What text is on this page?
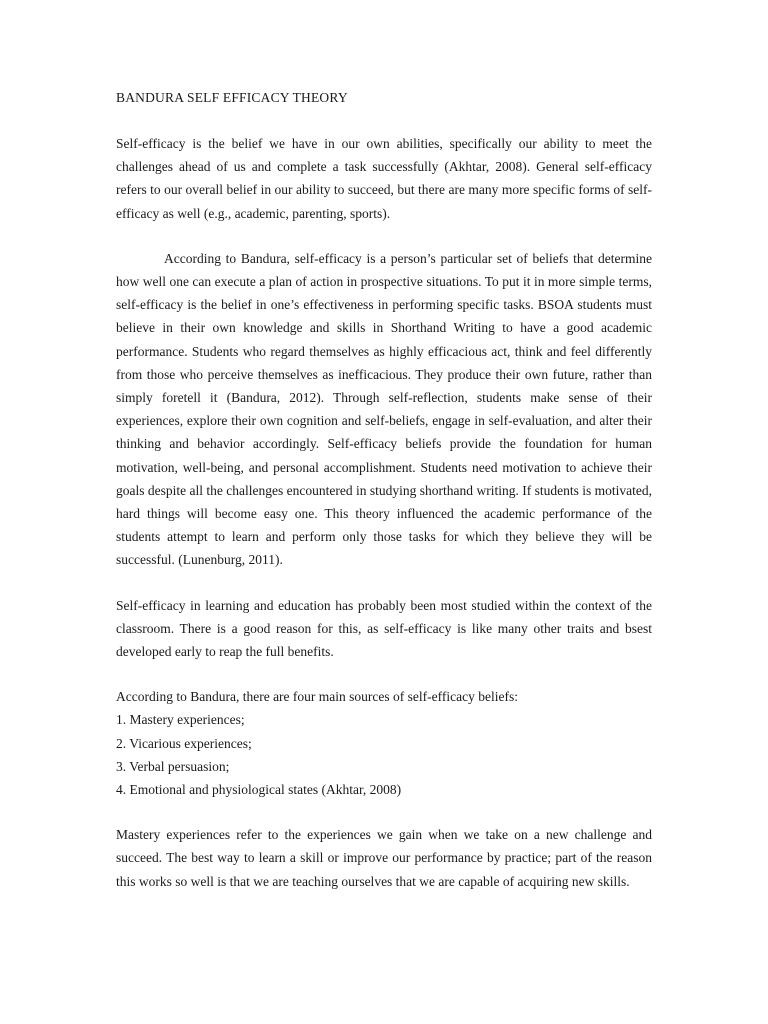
BANDURA SELF EFFICACY THEORY

Self-efficacy is the belief we have in our own abilities, specifically our ability to meet the challenges ahead of us and complete a task successfully (Akhtar, 2008). General self-efficacy refers to our overall belief in our ability to succeed, but there are many more specific forms of self-efficacy as well (e.g., academic, parenting, sports).

According to Bandura, self-efficacy is a person’s particular set of beliefs that determine how well one can execute a plan of action in prospective situations. To put it in more simple terms, self-efficacy is the belief in one’s effectiveness in performing specific tasks. BSOA students must believe in their own knowledge and skills in Shorthand Writing to have a good academic performance. Students who regard themselves as highly efficacious act, think and feel differently from those who perceive themselves as inefficacious. They produce their own future, rather than simply foretell it (Bandura, 2012). Through self-reflection, students make sense of their experiences, explore their own cognition and self-beliefs, engage in self-evaluation, and alter their thinking and behavior accordingly. Self-efficacy beliefs provide the foundation for human motivation, well-being, and personal accomplishment. Students need motivation to achieve their goals despite all the challenges encountered in studying shorthand writing. If students is motivated, hard things will become easy one. This theory influenced the academic performance of the students attempt to learn and perform only those tasks for which they believe they will be successful. (Lunenburg, 2011).

Self-efficacy in learning and education has probably been most studied within the context of the classroom. There is a good reason for this, as self-efficacy is like many other traits and bsest developed early to reap the full benefits.

According to Bandura, there are four main sources of self-efficacy beliefs:

1. Mastery experiences;
2. Vicarious experiences;
3. Verbal persuasion;
4. Emotional and physiological states (Akhtar, 2008)

Mastery experiences refer to the experiences we gain when we take on a new challenge and succeed. The best way to learn a skill or improve our performance by practice; part of the reason this works so well is that we are teaching ourselves that we are capable of acquiring new skills.
